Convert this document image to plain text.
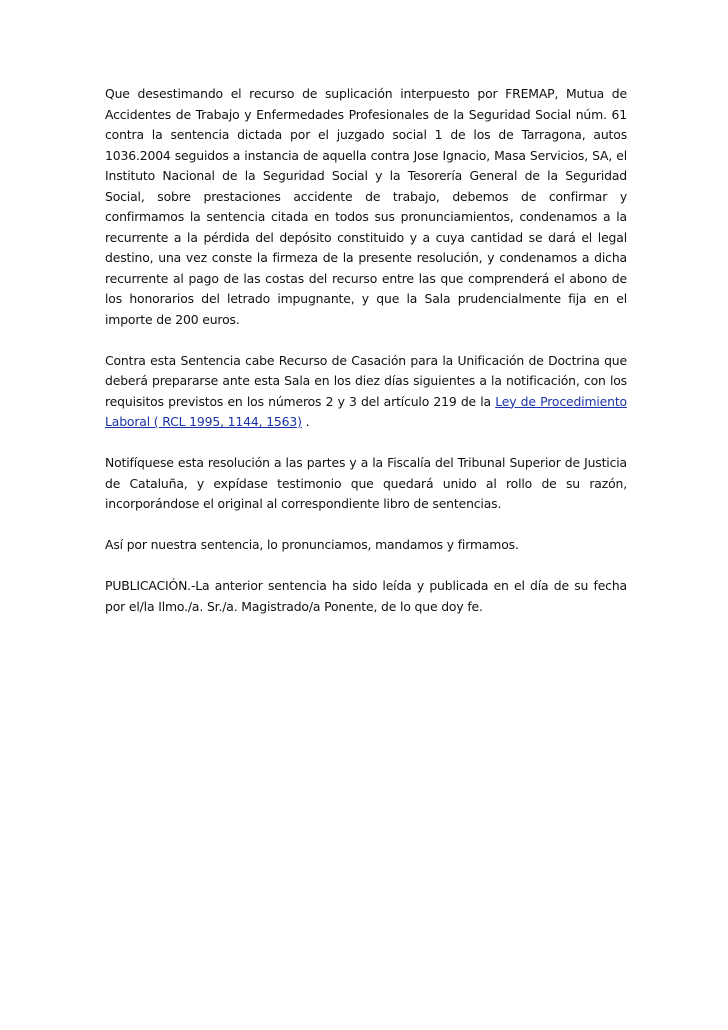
Que desestimando el recurso de suplicación interpuesto por FREMAP, Mutua de Accidentes de Trabajo y Enfermedades Profesionales de la Seguridad Social núm. 61 contra la sentencia dictada por el juzgado social 1 de los de Tarragona, autos 1036.2004 seguidos a instancia de aquella contra Jose Ignacio, Masa Servicios, SA, el Instituto Nacional de la Seguridad Social y la Tesorería General de la Seguridad Social, sobre prestaciones accidente de trabajo, debemos de confirmar y confirmamos la sentencia citada en todos sus pronunciamientos, condenamos a la recurrente a la pérdida del depósito constituido y a cuya cantidad se dará el legal destino, una vez conste la firmeza de la presente resolución, y condenamos a dicha recurrente al pago de las costas del recurso entre las que comprenderá el abono de los honorarios del letrado impugnante, y que la Sala prudencialmente fija en el importe de 200 euros.

Contra esta Sentencia cabe Recurso de Casación para la Unificación de Doctrina que deberá prepararse ante esta Sala en los diez días siguientes a la notificación, con los requisitos previstos en los números 2 y 3 del artículo 219 de la Ley de Procedimiento Laboral ( RCL 1995, 1144, 1563) .

Notifíquese esta resolución a las partes y a la Fiscalía del Tribunal Superior de Justicia de Cataluña, y expídase testimonio que quedará unido al rollo de su razón, incorporándose el original al correspondiente libro de sentencias.

Así por nuestra sentencia, lo pronunciamos, mandamos y firmamos.

PUBLICACIÓN.-La anterior sentencia ha sido leída y publicada en el día de su fecha por el/la Ilmo./a. Sr./a. Magistrado/a Ponente, de lo que doy fe.
